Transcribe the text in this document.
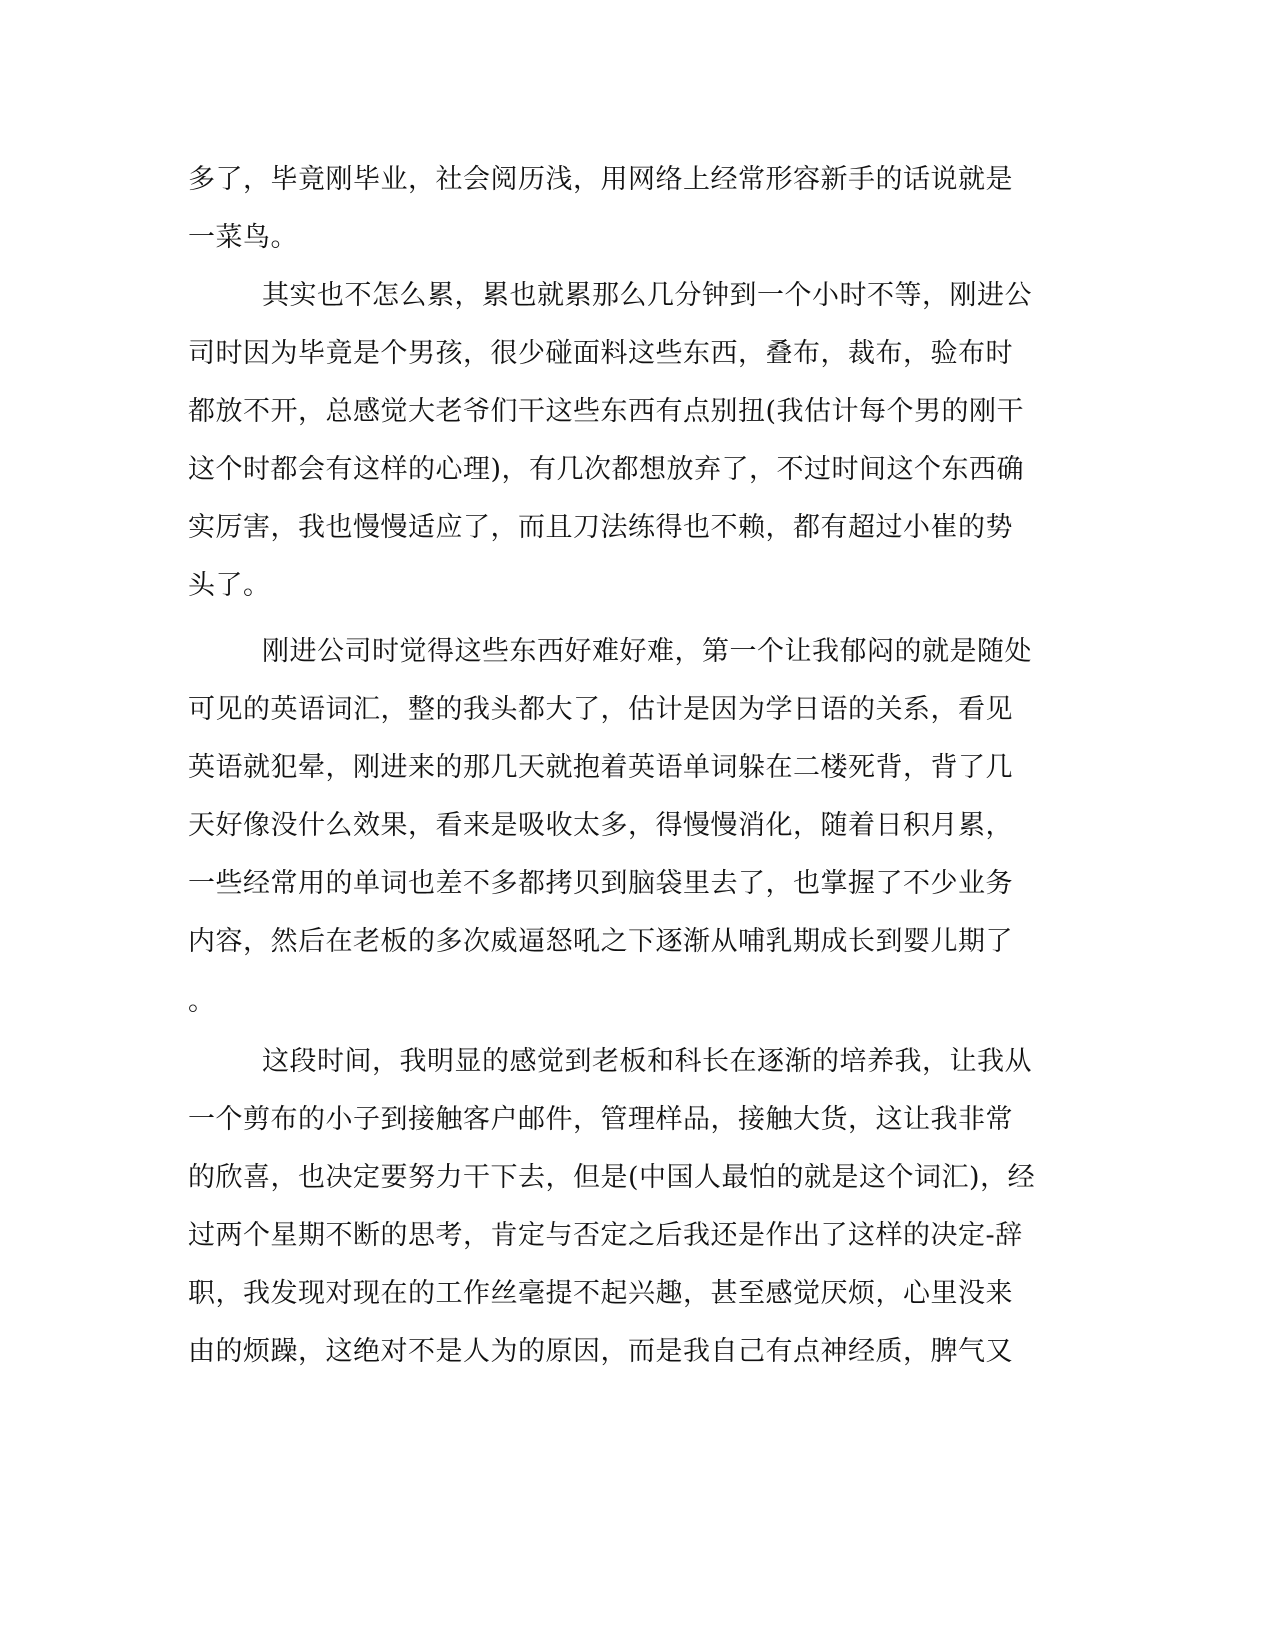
多了，毕竟刚毕业，社会阅历浅，用网络上经常形容新手的话说就是
一菜鸟。
其实也不怎么累，累也就累那么几分钟到一个小时不等，刚进公
司时因为毕竟是个男孩，很少碰面料这些东西，叠布，裁布，验布时
都放不开，总感觉大老爷们干这些东西有点别扭(我估计每个男的刚干
这个时都会有这样的心理)，有几次都想放弃了，不过时间这个东西确
实厉害，我也慢慢适应了，而且刀法练得也不赖，都有超过小崔的势
头了。
刚进公司时觉得这些东西好难好难，第一个让我郁闷的就是随处
可见的英语词汇，整的我头都大了，估计是因为学日语的关系，看见
英语就犯晕，刚进来的那几天就抱着英语单词躲在二楼死背，背了几
天好像没什么效果，看来是吸收太多，得慢慢消化，随着日积月累，
一些经常用的单词也差不多都拷贝到脑袋里去了，也掌握了不少业务
内容，然后在老板的多次威逼怒吼之下逐渐从哺乳期成长到婴儿期了
。
这段时间，我明显的感觉到老板和科长在逐渐的培养我，让我从
一个剪布的小子到接触客户邮件，管理样品，接触大货，这让我非常
的欣喜，也决定要努力干下去，但是(中国人最怕的就是这个词汇)，经
过两个星期不断的思考，肯定与否定之后我还是作出了这样的决定-辞
职，我发现对现在的工作丝毫提不起兴趣，甚至感觉厌烦，心里没来
由的烦躁，这绝对不是人为的原因，而是我自己有点神经质，脾气又
